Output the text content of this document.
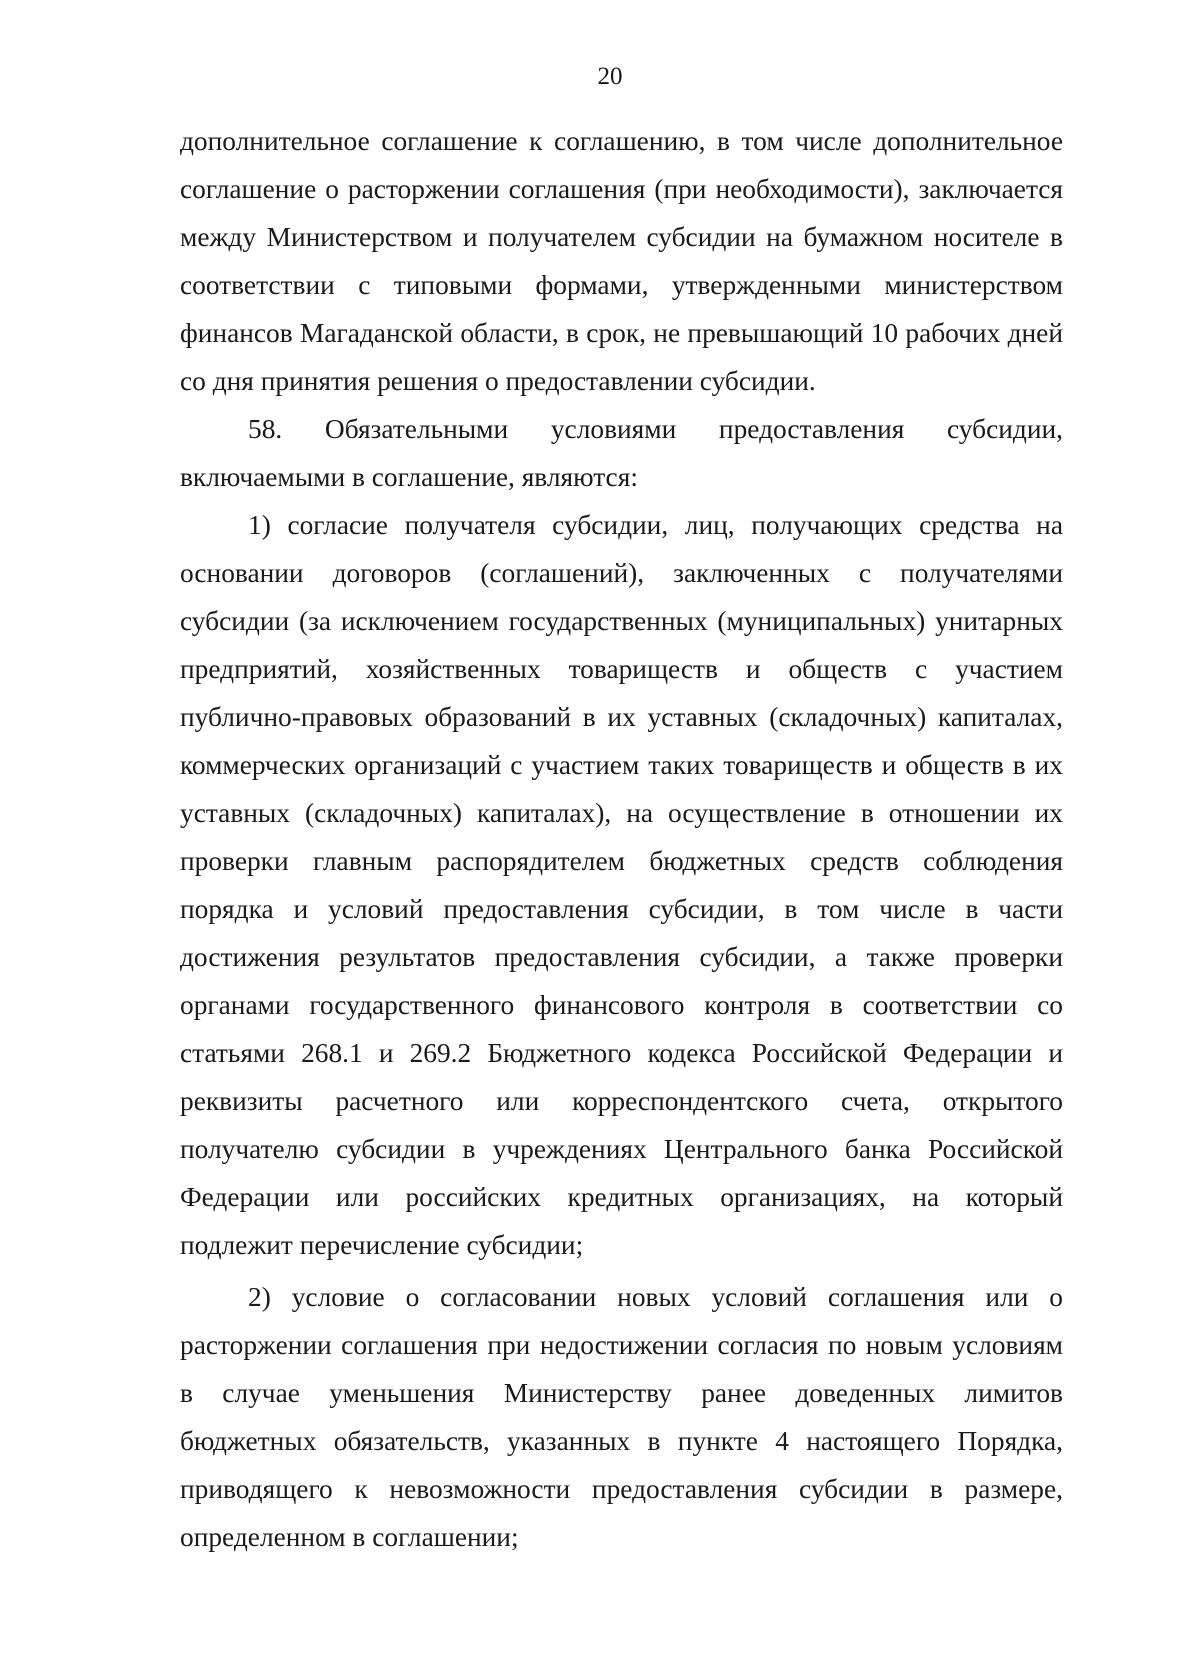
20

дополнительное соглашение к соглашению, в том числе дополнительное соглашение о расторжении соглашения (при необходимости), заключается между Министерством и получателем субсидии на бумажном носителе в соответствии с типовыми формами, утвержденными министерством финансов Магаданской области, в срок, не превышающий 10 рабочих дней со дня принятия решения о предоставлении субсидии.

58. Обязательными условиями предоставления субсидии, включаемыми в соглашение, являются:

1) согласие получателя субсидии, лиц, получающих средства на основании договоров (соглашений), заключенных с получателями субсидии (за исключением государственных (муниципальных) унитарных предприятий, хозяйственных товариществ и обществ с участием публично-правовых образований в их уставных (складочных) капиталах, коммерческих организаций с участием таких товариществ и обществ в их уставных (складочных) капиталах), на осуществление в отношении их проверки главным распорядителем бюджетных средств соблюдения порядка и условий предоставления субсидии, в том числе в части достижения результатов предоставления субсидии, а также проверки органами государственного финансового контроля в соответствии со статьями 268.1 и 269.2 Бюджетного кодекса Российской Федерации и реквизиты расчетного или корреспондентского счета, открытого получателю субсидии в учреждениях Центрального банка Российской Федерации или российских кредитных организациях, на который подлежит перечисление субсидии;

2) условие о согласовании новых условий соглашения или о расторжении соглашения при недостижении согласия по новым условиям в случае уменьшения Министерству ранее доведенных лимитов бюджетных обязательств, указанных в пункте 4 настоящего Порядка, приводящего к невозможности предоставления субсидии в размере, определенном в соглашении;
